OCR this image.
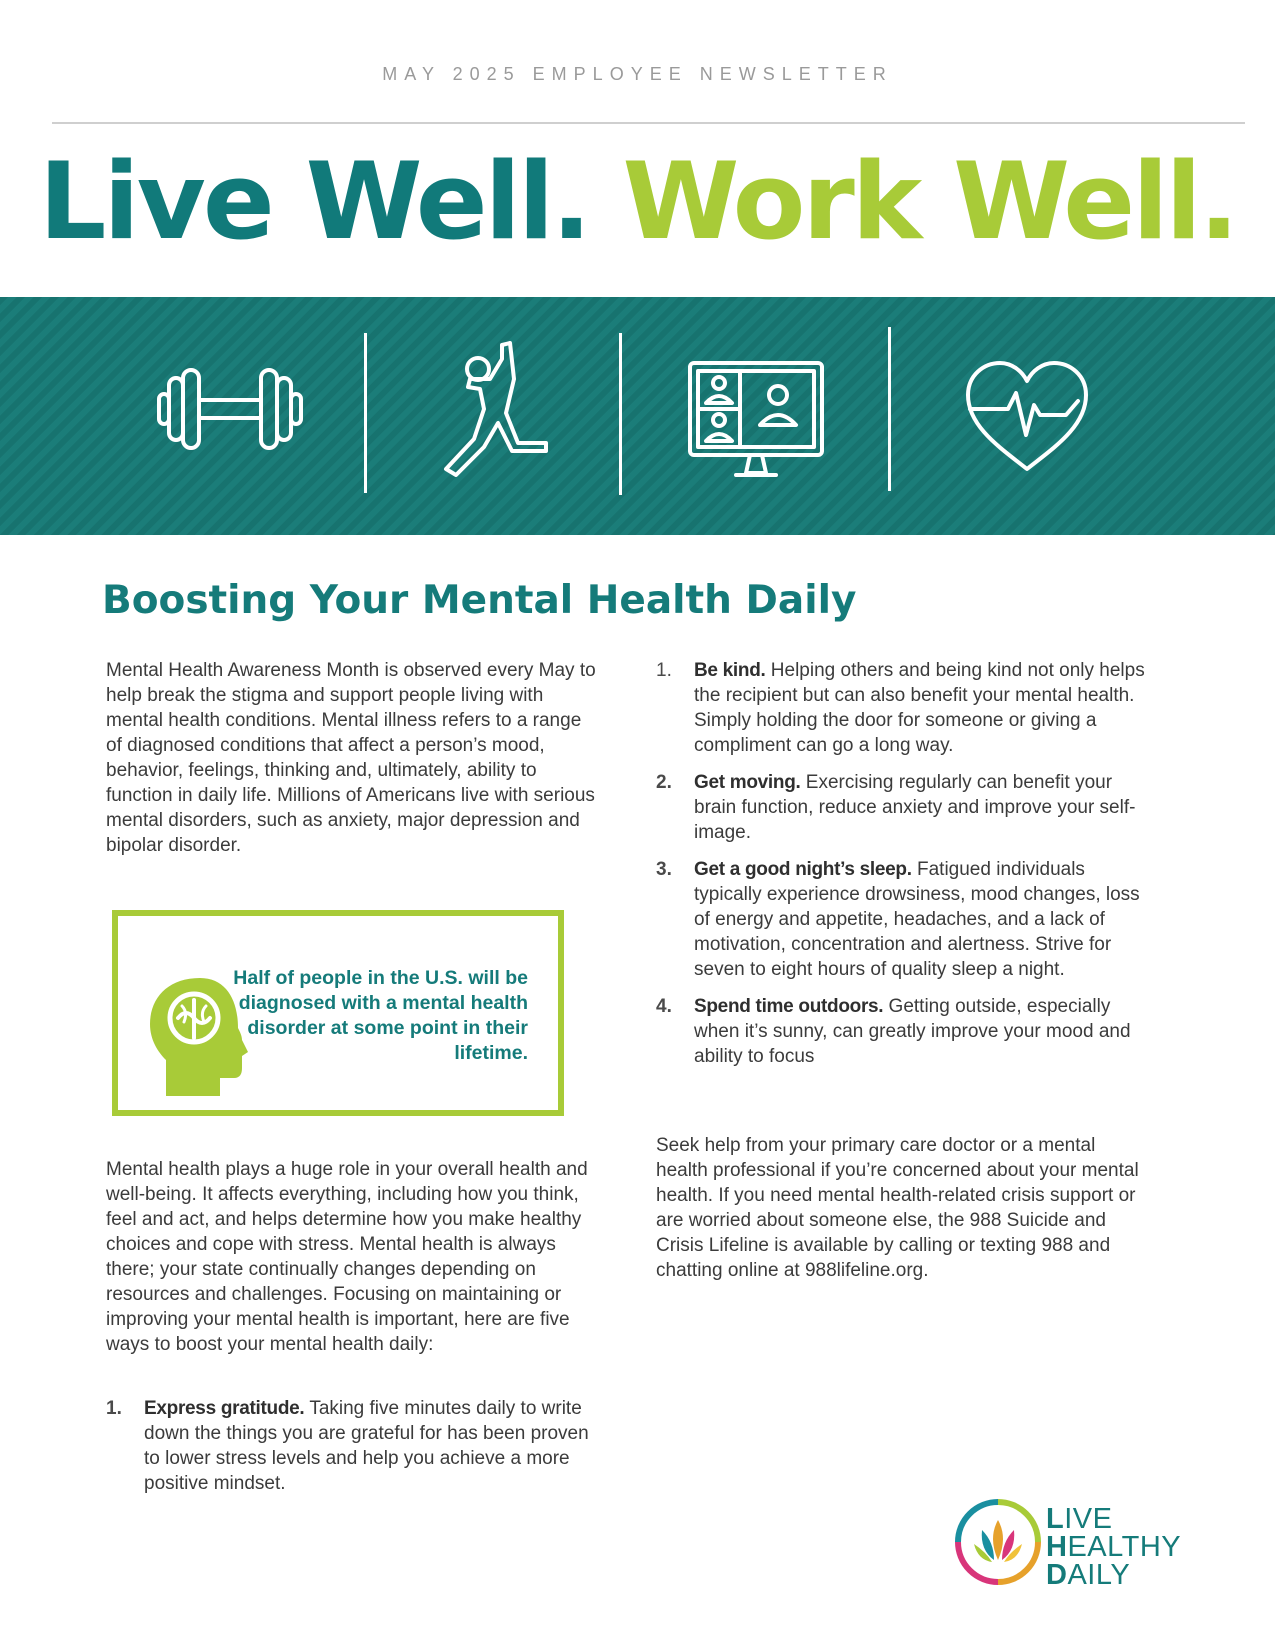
MAY 2025 EMPLOYEE NEWSLETTER
Live Well. Work Well.
Boosting Your Mental Health Daily

Mental Health Awareness Month is observed every May to help break the stigma and support people living with mental health conditions. Mental illness refers to a range of diagnosed conditions that affect a person’s mood, behavior, feelings, thinking and, ultimately, ability to function in daily life. Millions of Americans live with serious mental disorders, such as anxiety, major depression and bipolar disorder.

Half of people in the U.S. will be diagnosed with a mental health disorder at some point in their lifetime.

Mental health plays a huge role in your overall health and well-being. It affects everything, including how you think, feel and act, and helps determine how you make healthy choices and cope with stress. Mental health is always there; your state continually changes depending on resources and challenges. Focusing on maintaining or improving your mental health is important, here are five ways to boost your mental health daily:

1. Express gratitude. Taking five minutes daily to write down the things you are grateful for has been proven to lower stress levels and help you achieve a more positive mindset.
1. Be kind. Helping others and being kind not only helps the recipient but can also benefit your mental health. Simply holding the door for someone or giving a compliment can go a long way.
2. Get moving. Exercising regularly can benefit your brain function, reduce anxiety and improve your self-image.
3. Get a good night’s sleep. Fatigued individuals typically experience drowsiness, mood changes, loss of energy and appetite, headaches, and a lack of motivation, concentration and alertness. Strive for seven to eight hours of quality sleep a night.
4. Spend time outdoors. Getting outside, especially when it’s sunny, can greatly improve your mood and ability to focus

Seek help from your primary care doctor or a mental health professional if you’re concerned about your mental health. If you need mental health-related crisis support or are worried about someone else, the 988 Suicide and Crisis Lifeline is available by calling or texting 988 and chatting online at 988lifeline.org.

LIVE
HEALTHY
DAILY
